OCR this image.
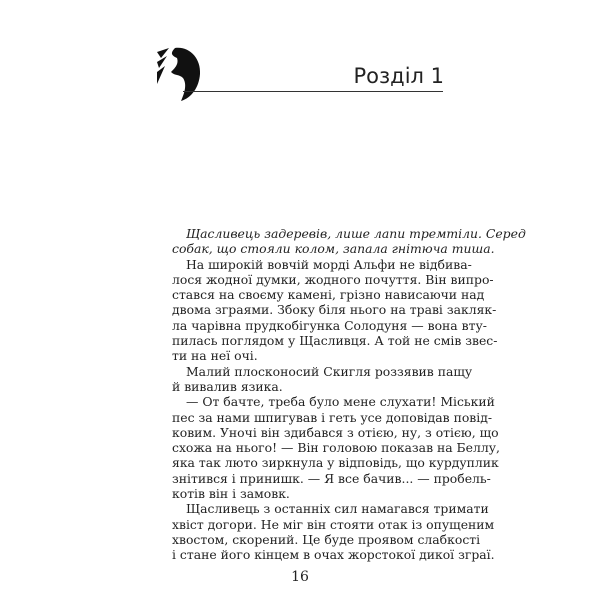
Розділ 1
Щасливець задеревів, лише лапи тремтіли. Серед
собак, що стояли колом, запала гнітюча тиша.
На широкій вовчій морді Альфи не відбива-
лося жодної думки, жодного почуття. Він випро-
стався на своєму камені, грізно нависаючи над
двома зграями. Збоку біля нього на траві закляк-
ла чарівна прудкобігунка Солодуня — вона вту-
пилась поглядом у Щасливця. А той не смів звес-
ти на неї очі.
Малий плосконосий Скигля роззявив пащу
й вивалив язика.
— От бачте, треба було мене слухати! Міський
пес за нами шпигував і геть усе доповідав повід-
ковим. Уночі він здибався з отією, ну, з отією, що
схожа на нього! — Він головою показав на Беллу,
яка так люто зиркнула у відповідь, що курдуплик
знітився і принишк. — Я все бачив... — пробель-
котів він і замовк.
Щасливець з останніх сил намагався тримати
хвіст догори. Не міг він стояти отак із опущеним
хвостом, скорений. Це буде проявом слабкості
і стане його кінцем в очах жорстокої дикої зграї.
16
